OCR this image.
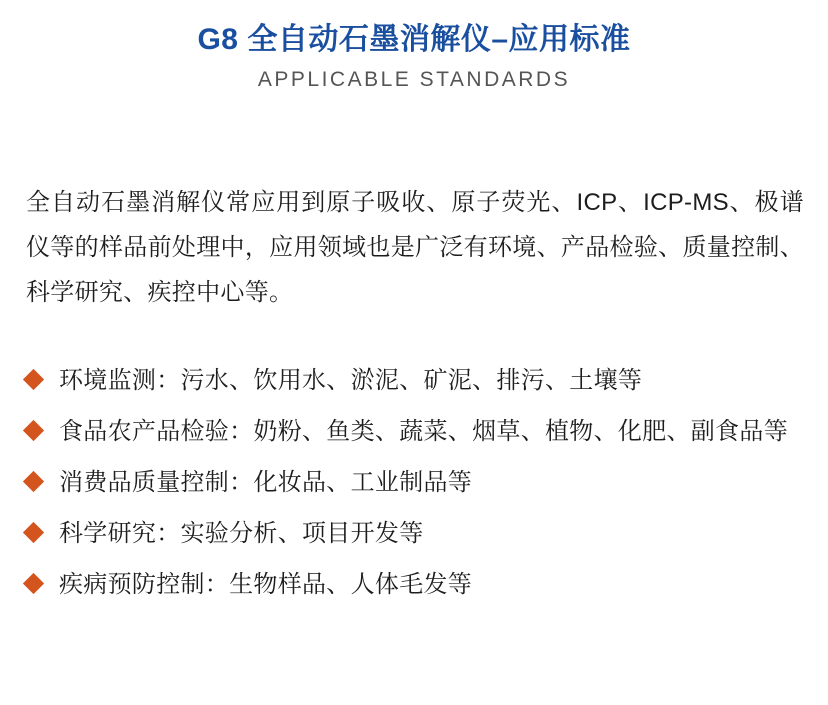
G8 全自动石墨消解仪–应用标准
APPLICABLE STANDARDS

全自动石墨消解仪常应用到原子吸收、原子荧光、ICP、ICP-MS、极谱仪等的样品前处理中，应用领域也是广泛有环境、产品检验、质量控制、科学研究、疾控中心等。

环境监测：污水、饮用水、淤泥、矿泥、排污、土壤等
食品农产品检验：奶粉、鱼类、蔬菜、烟草、植物、化肥、副食品等
消费品质量控制：化妆品、工业制品等
科学研究：实验分析、项目开发等
疾病预防控制：生物样品、人体毛发等
